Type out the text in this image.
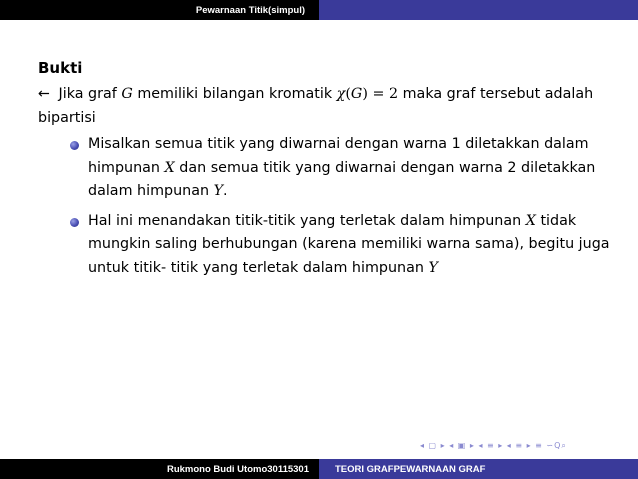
Pewarnaan Titik(simpul)
Bukti
← Jika graf G memiliki bilangan kromatik χ(G) = 2 maka graf tersebut adalah bipartisi
Misalkan semua titik yang diwarnai dengan warna 1 diletakkan dalam himpunan X dan semua titik yang diwarnai dengan warna 2 diletakkan dalam himpunan Y.
Hal ini menandakan titik-titik yang terletak dalam himpunan X tidak mungkin saling berhubungan (karena memiliki warna sama), begitu juga untuk titik- titik yang terletak dalam himpunan Y
◂ ▢ ▸ ◂ ▣ ▸ ◂ ≡ ▸ ◂ ≡ ▸ ≡ ∽Q⌕
Rukmono Budi Utomo30115301	TEORI GRAFPEWARNAAN GRAF
